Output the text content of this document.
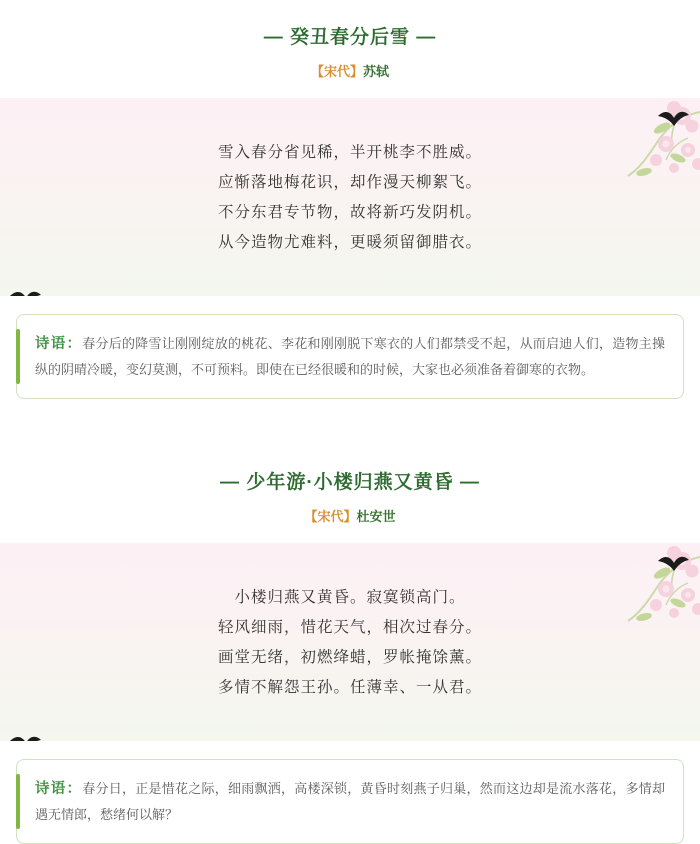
— 癸丑春分后雪 —
【宋代】苏轼
雪入春分省见稀，半开桃李不胜威。
应惭落地梅花识，却作漫天柳絮飞。
不分东君专节物，故将新巧发阴机。
从今造物尤难料，更暖须留御腊衣。
诗语：春分后的降雪让刚刚绽放的桃花、李花和刚刚脱下寒衣的人们都禁受不起，从而启迪人们，造物主操纵的阴晴冷暖，变幻莫测，不可预料。即使在已经很暖和的时候，大家也必须准备着御寒的衣物。
— 少年游·小楼归燕又黄昏 —
【宋代】杜安世
小楼归燕又黄昏。寂寞锁高门。
轻风细雨，惜花天气，相次过春分。
画堂无绪，初燃绛蜡，罗帐掩馀薰。
多情不解怨王孙。任薄幸、一从君。
诗语：春分日，正是惜花之际，细雨飘洒，高楼深锁，黄昏时刻燕子归巢，然而这边却是流水落花，多情却遇无情郎，愁绪何以解？
